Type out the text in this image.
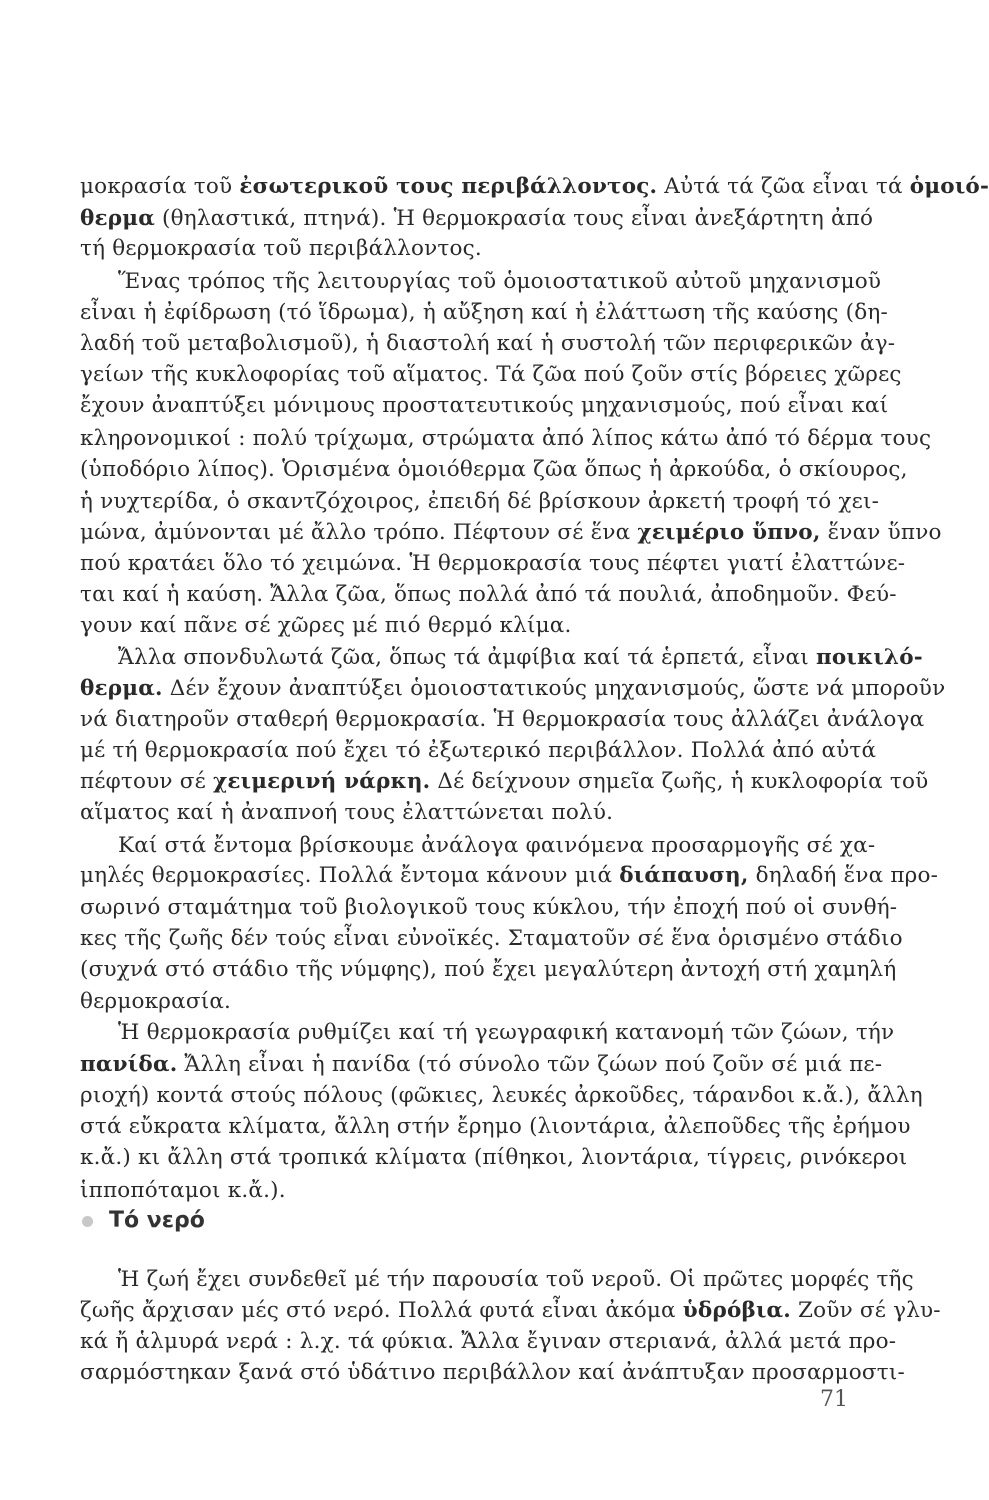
μοκρασία τοῦ ἐσωτερικοῦ τους περιβάλλοντος. Αὐτά τά ζῶα εἶναι τά ὁμοιό-
θερμα (θηλαστικά, πτηνά). Ἡ θερμοκρασία τους εἶναι ἀνεξάρτητη ἀπό
τή θερμοκρασία τοῦ περιβάλλοντος.
Ἕνας τρόπος τῆς λειτουργίας τοῦ ὁμοιοστατικοῦ αὐτοῦ μηχανισμοῦ
εἶναι ἡ ἐφίδρωση (τό ἵδρωμα), ἡ αὔξηση καί ἡ ἐλάττωση τῆς καύσης (δη-
λαδή τοῦ μεταβολισμοῦ), ἡ διαστολή καί ἡ συστολή τῶν περιφερικῶν ἀγ-
γείων τῆς κυκλοφορίας τοῦ αἵματος. Τά ζῶα πού ζοῦν στίς βόρειες χῶρες
ἔχουν ἀναπτύξει μόνιμους προστατευτικούς μηχανισμούς, πού εἶναι καί
κληρονομικοί : πολύ τρίχωμα, στρώματα ἀπό λίπος κάτω ἀπό τό δέρμα τους
(ὑποδόριο λίπος). Ὁρισμένα ὁμοιόθερμα ζῶα ὅπως ἡ ἀρκούδα, ὁ σκίουρος,
ἡ νυχτερίδα, ὁ σκαντζόχοιρος, ἐπειδή δέ βρίσκουν ἀρκετή τροφή τό χει-
μώνα, ἀμύνονται μέ ἄλλο τρόπο. Πέφτουν σέ ἕνα χειμέριο ὕπνο, ἕναν ὕπνο
πού κρατάει ὅλο τό χειμώνα. Ἡ θερμοκρασία τους πέφτει γιατί ἐλαττώνε-
ται καί ἡ καύση. Ἄλλα ζῶα, ὅπως πολλά ἀπό τά πουλιά, ἀποδημοῦν. Φεύ-
γουν καί πᾶνε σέ χῶρες μέ πιό θερμό κλίμα.
Ἄλλα σπονδυλωτά ζῶα, ὅπως τά ἀμφίβια καί τά ἑρπετά, εἶναι ποικιλό-
θερμα. Δέν ἔχουν ἀναπτύξει ὁμοιοστατικούς μηχανισμούς, ὥστε νά μποροῦν
νά διατηροῦν σταθερή θερμοκρασία. Ἡ θερμοκρασία τους ἀλλάζει ἀνάλογα
μέ τή θερμοκρασία πού ἔχει τό ἐξωτερικό περιβάλλον. Πολλά ἀπό αὐτά
πέφτουν σέ χειμερινή νάρκη. Δέ δείχνουν σημεῖα ζωῆς, ἡ κυκλοφορία τοῦ
αἵματος καί ἡ ἀναπνοή τους ἐλαττώνεται πολύ.
Καί στά ἔντομα βρίσκουμε ἀνάλογα φαινόμενα προσαρμογῆς σέ χα-
μηλές θερμοκρασίες. Πολλά ἔντομα κάνουν μιά διάπαυση, δηλαδή ἕνα προ-
σωρινό σταμάτημα τοῦ βιολογικοῦ τους κύκλου, τήν ἐποχή πού οἱ συνθή-
κες τῆς ζωῆς δέν τούς εἶναι εὐνοϊκές. Σταματοῦν σέ ἕνα ὁρισμένο στάδιο
(συχνά στό στάδιο τῆς νύμφης), πού ἔχει μεγαλύτερη ἀντοχή στή χαμηλή
θερμοκρασία.
Ἡ θερμοκρασία ρυθμίζει καί τή γεωγραφική κατανομή τῶν ζώων, τήν
πανίδα. Ἄλλη εἶναι ἡ πανίδα (τό σύνολο τῶν ζώων πού ζοῦν σέ μιά πε-
ριοχή) κοντά στούς πόλους (φῶκιες, λευκές ἀρκοῦδες, τάρανδοι κ.ἄ.), ἄλλη
στά εὔκρατα κλίματα, ἄλλη στήν ἔρημο (λιοντάρια, ἀλεποῦδες τῆς ἐρήμου
κ.ἄ.) κι ἄλλη στά τροπικά κλίματα (πίθηκοι, λιοντάρια, τίγρεις, ρινόκεροι
ἱπποπόταμοι κ.ἄ.).
Ἡ ζωή ἔχει συνδεθεῖ μέ τήν παρουσία τοῦ νεροῦ. Οἱ πρῶτες μορφές τῆς
ζωῆς ἄρχισαν μές στό νερό. Πολλά φυτά εἶναι ἀκόμα ὑδρόβια. Ζοῦν σέ γλυ-
κά ἤ ἁλμυρά νερά : λ.χ. τά φύκια. Ἄλλα ἔγιναν στεριανά, ἀλλά μετά προ-
σαρμόστηκαν ξανά στό ὑδάτινο περιβάλλον καί ἀνάπτυξαν προσαρμοστι-
Τό νερό
71
